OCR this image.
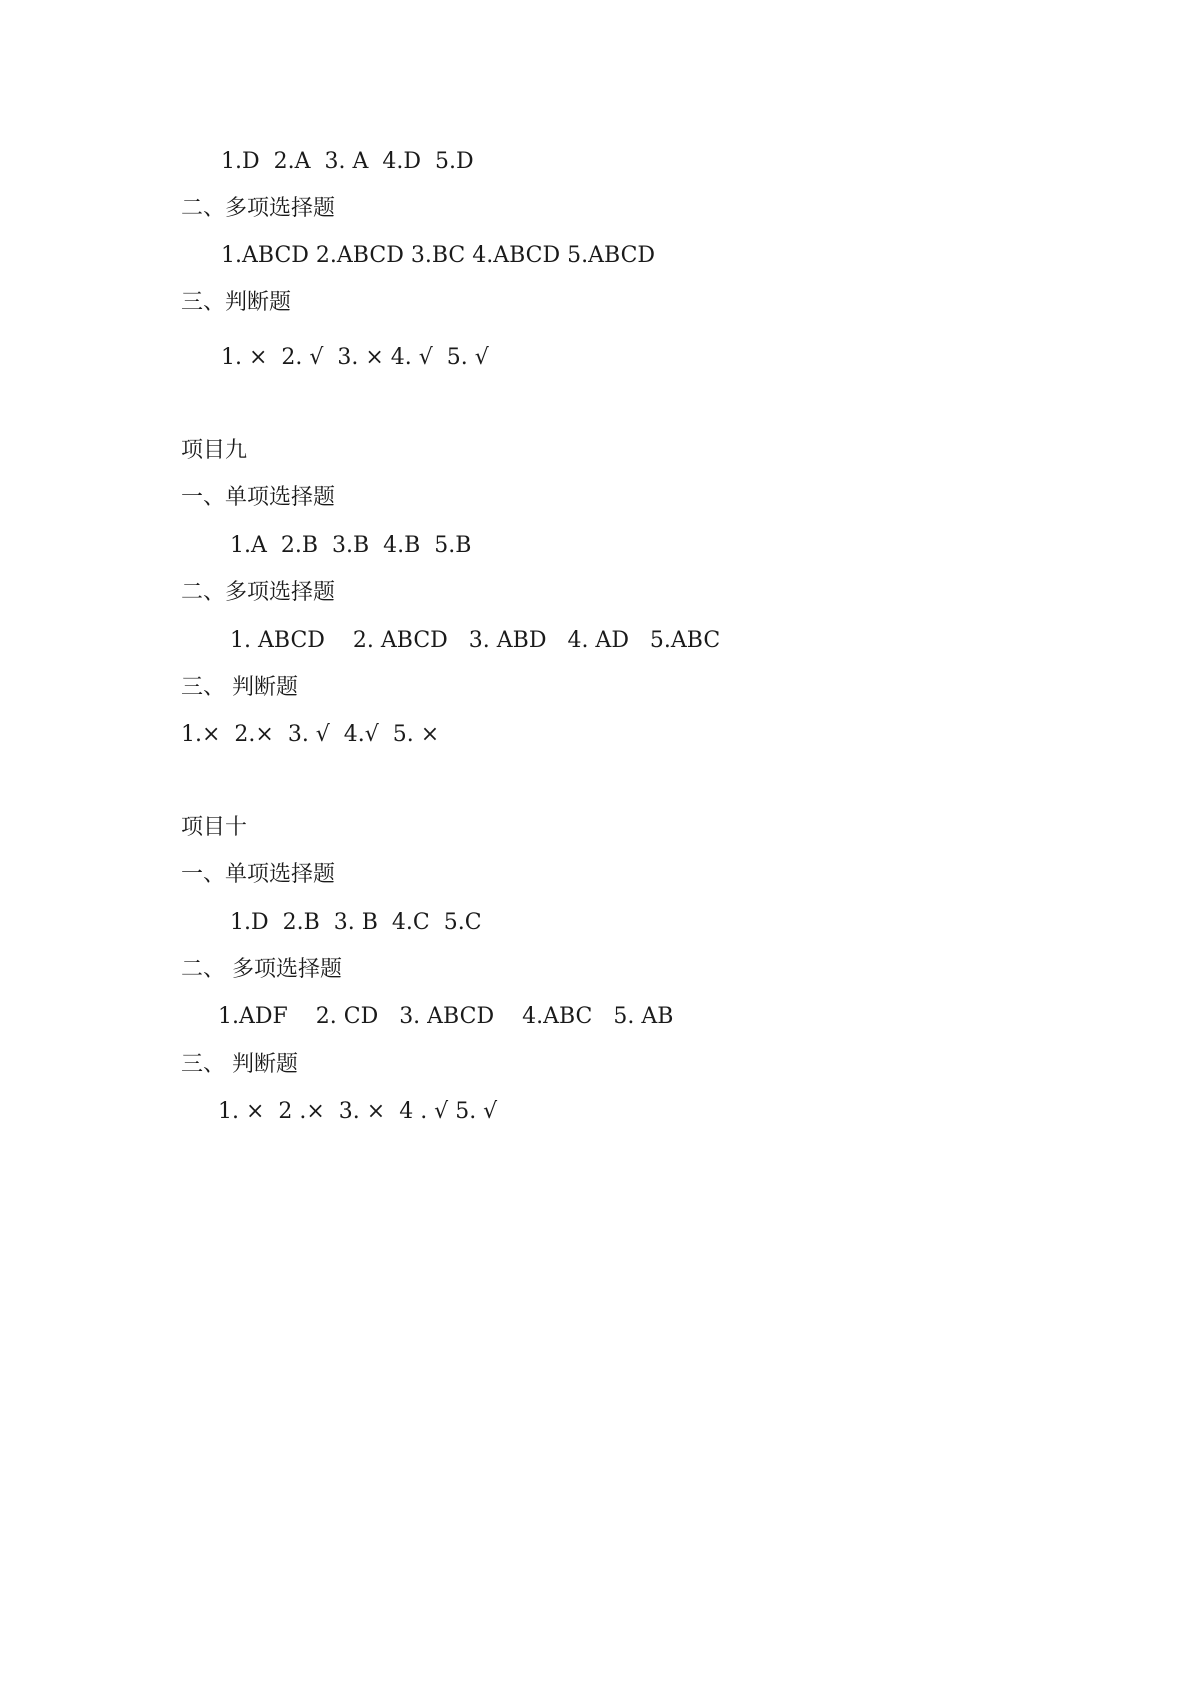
1.D  2.A  3. A  4.D  5.D
二、多项选择题
1.ABCD 2.ABCD 3.BC 4.ABCD 5.ABCD
三、判断题
1. ×  2. √  3. × 4. √  5. √
项目九
一、单项选择题
1.A  2.B  3.B  4.B  5.B
二、多项选择题
1. ABCD    2. ABCD   3. ABD   4. AD   5.ABC
三、 判断题
1.×  2.×  3. √  4.√  5. ×
项目十
一、单项选择题
1.D  2.B  3. B  4.C  5.C
二、 多项选择题
1.ADF    2. CD   3. ABCD    4.ABC   5. AB
三、 判断题
1. ×  2 .×  3. ×  4 . √ 5. √
